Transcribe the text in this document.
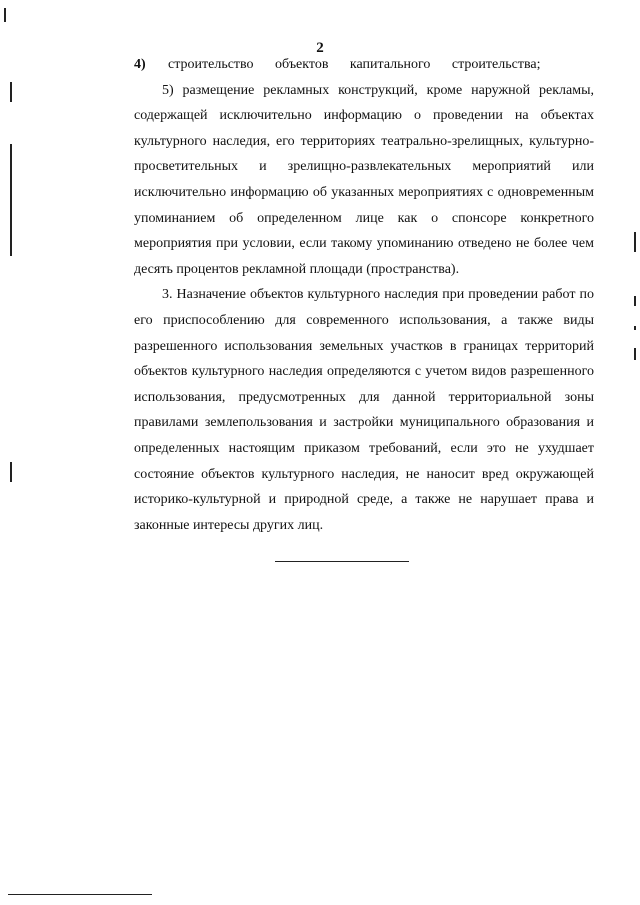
2

4)	строительство объектов капитального строительства;

5) размещение рекламных конструкций, кроме наружной рекламы, содержащей исключительно информацию о проведении на объектах культурного наследия, его территориях театрально-зрелищных, культурно-просветительных и зрелищно-развлекательных мероприятий или исключительно информацию об указанных мероприятиях с одновременным упоминанием об определенном лице как о спонсоре конкретного мероприятия при условии, если такому упоминанию отведено не более чем десять процентов рекламной площади (пространства).

3. Назначение объектов культурного наследия при проведении работ по его приспособлению для современного использования, а также виды разрешенного использования земельных участков в границах территорий объектов культурного наследия определяются с учетом видов разрешенного использования, предусмотренных для данной территориальной зоны правилами землепользования и застройки муниципального образования и определенных настоящим приказом требований, если это не ухудшает состояние объектов культурного наследия, не наносит вред окружающей историко-культурной и природной среде, а также не нарушает права и законные интересы других лиц.
